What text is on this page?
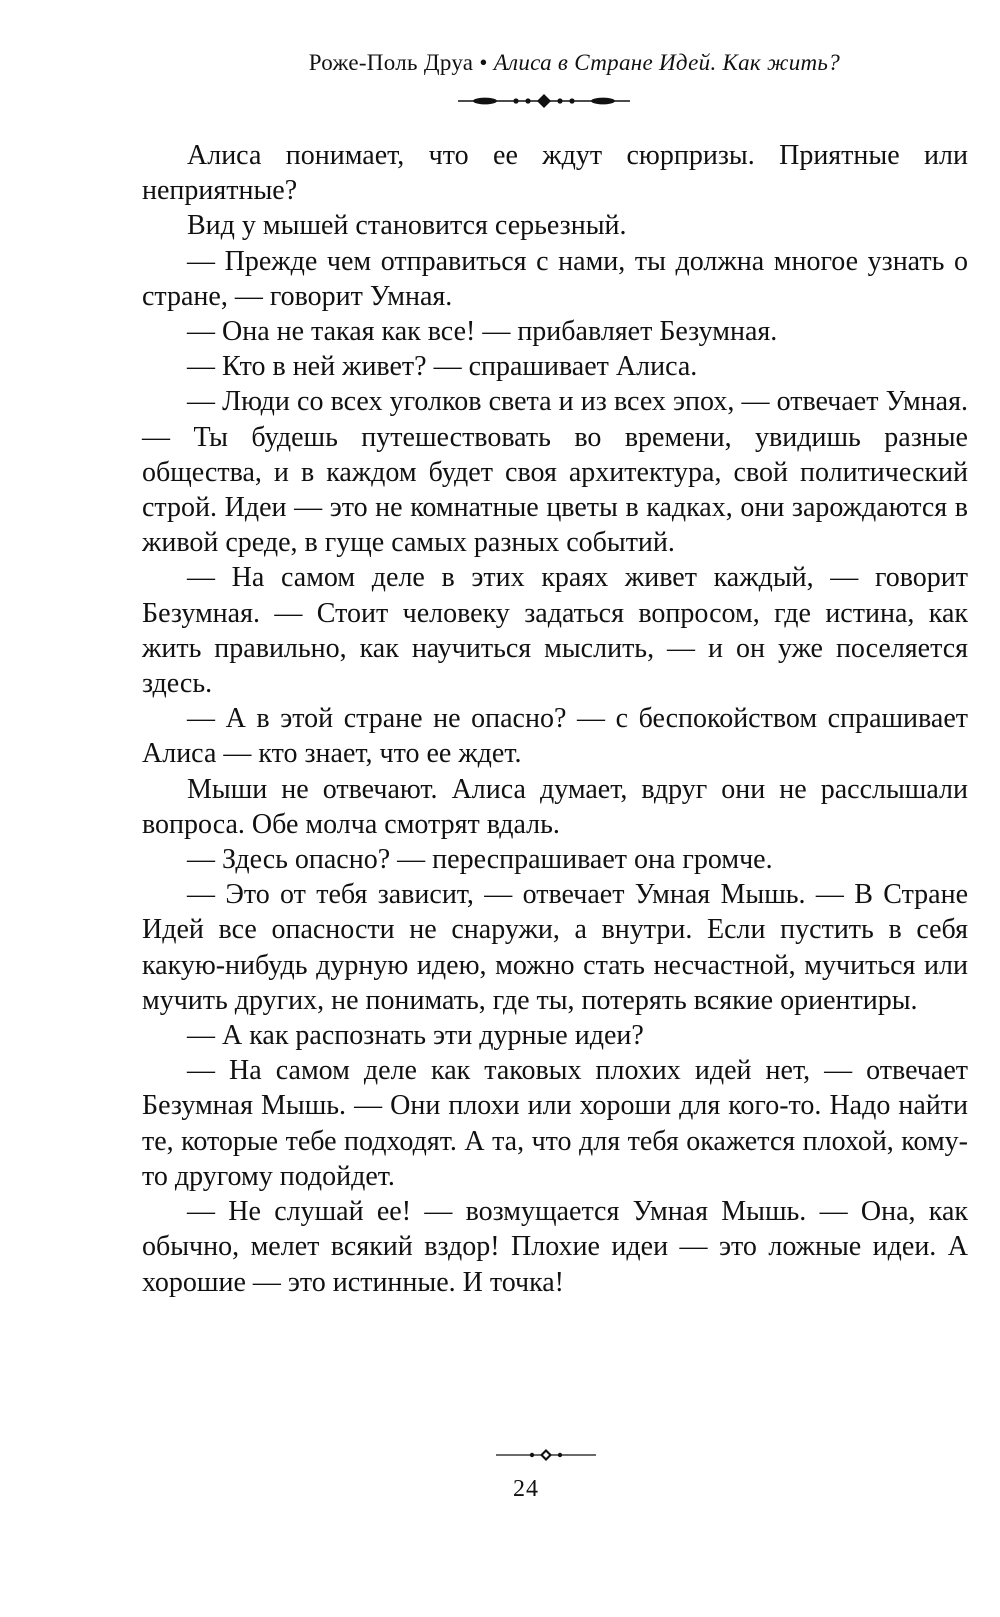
Роже-Поль Друа • Алиса в Стране Идей. Как жить?

Алиса понимает, что ее ждут сюрпризы. Приятные или неприятные?

Вид у мышей становится серьезный.

— Прежде чем отправиться с нами, ты должна многое узнать о стране, — говорит Умная.

— Она не такая как все! — прибавляет Безумная.

— Кто в ней живет? — спрашивает Алиса.

— Люди со всех уголков света и из всех эпох, — отвечает Умная. — Ты будешь путешествовать во времени, увидишь разные общества, и в каждом будет своя архитектура, свой политический строй. Идеи — это не комнатные цветы в кадках, они зарождаются в живой среде, в гуще самых разных событий.

— На самом деле в этих краях живет каждый, — говорит Безумная. — Стоит человеку задаться вопросом, где истина, как жить правильно, как научиться мыслить, — и он уже поселяется здесь.

— А в этой стране не опасно? — с беспокойством спрашивает Алиса — кто знает, что ее ждет.

Мыши не отвечают. Алиса думает, вдруг они не расслышали вопроса. Обе молча смотрят вдаль.

— Здесь опасно? — переспрашивает она громче.

— Это от тебя зависит, — отвечает Умная Мышь. — В Стране Идей все опасности не снаружи, а внутри. Если пустить в себя какую-нибудь дурную идею, можно стать несчастной, мучиться или мучить других, не понимать, где ты, потерять всякие ориентиры.

— А как распознать эти дурные идеи?

— На самом деле как таковых плохих идей нет, — отвечает Безумная Мышь. — Они плохи или хороши для кого-то. Надо найти те, которые тебе подходят. А та, что для тебя окажется плохой, кому-то другому подойдет.

— Не слушай ее! — возмущается Умная Мышь. — Она, как обычно, мелет всякий вздор! Плохие идеи — это ложные идеи. А хорошие — это истинные. И точка!

24
